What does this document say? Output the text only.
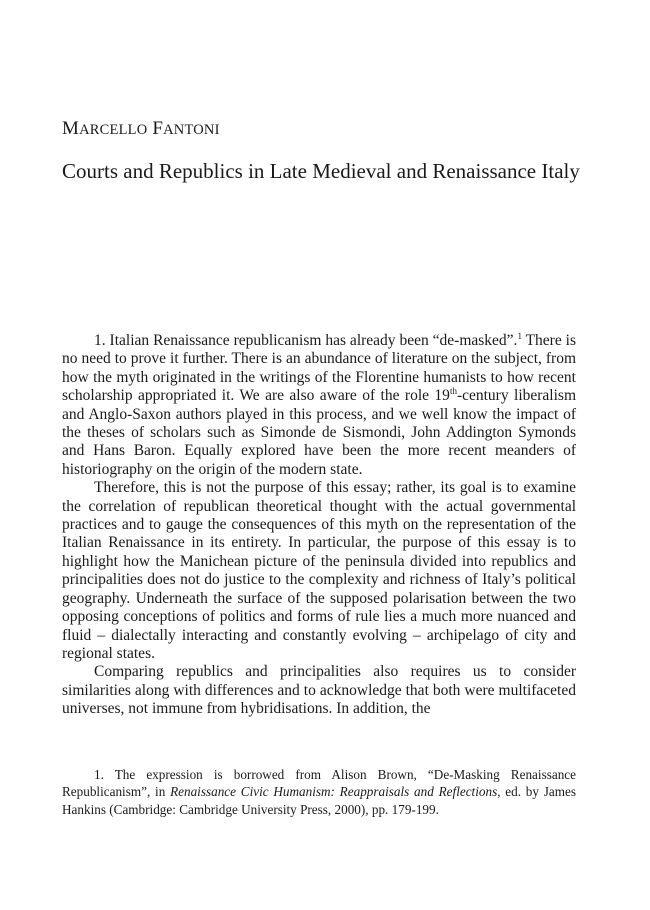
MARCELLO FANTONI
Courts and Republics in Late Medieval and Renaissance Italy

1. Italian Renaissance republicanism has already been “de-masked”.$^1$ There is no need to prove it further. There is an abundance of literature on the subject, from how the myth originated in the writings of the Florentine humanists to how recent scholarship appropriated it. We are also aware of the role 19th-century liberalism and Anglo-Saxon authors played in this process, and we well know the impact of the theses of scholars such as Simonde de Sismondi, John Addington Symonds and Hans Baron. Equally explored have been the more recent meanders of historiography on the origin of the modern state.

Therefore, this is not the purpose of this essay; rather, its goal is to examine the correlation of republican theoretical thought with the actual governmental practices and to gauge the consequences of this myth on the representation of the Italian Renaissance in its entirety. In particular, the purpose of this essay is to highlight how the Manichean picture of the peninsula divided into republics and principalities does not do justice to the complexity and richness of Italy’s political geography. Underneath the surface of the supposed polarisation between the two opposing conceptions of politics and forms of rule lies a much more nuanced and fluid – dialectally interacting and constantly evolving – archipelago of city and regional states.

Comparing republics and principalities also requires us to consider similarities along with differences and to acknowledge that both were multifaceted universes, not immune from hybridisations. In addition, the

1. The expression is borrowed from Alison Brown, “De-Masking Renaissance Republicanism”, in Renaissance Civic Humanism: Reappraisals and Reflections, ed. by James Hankins (Cambridge: Cambridge University Press, 2000), pp. 179-199.
